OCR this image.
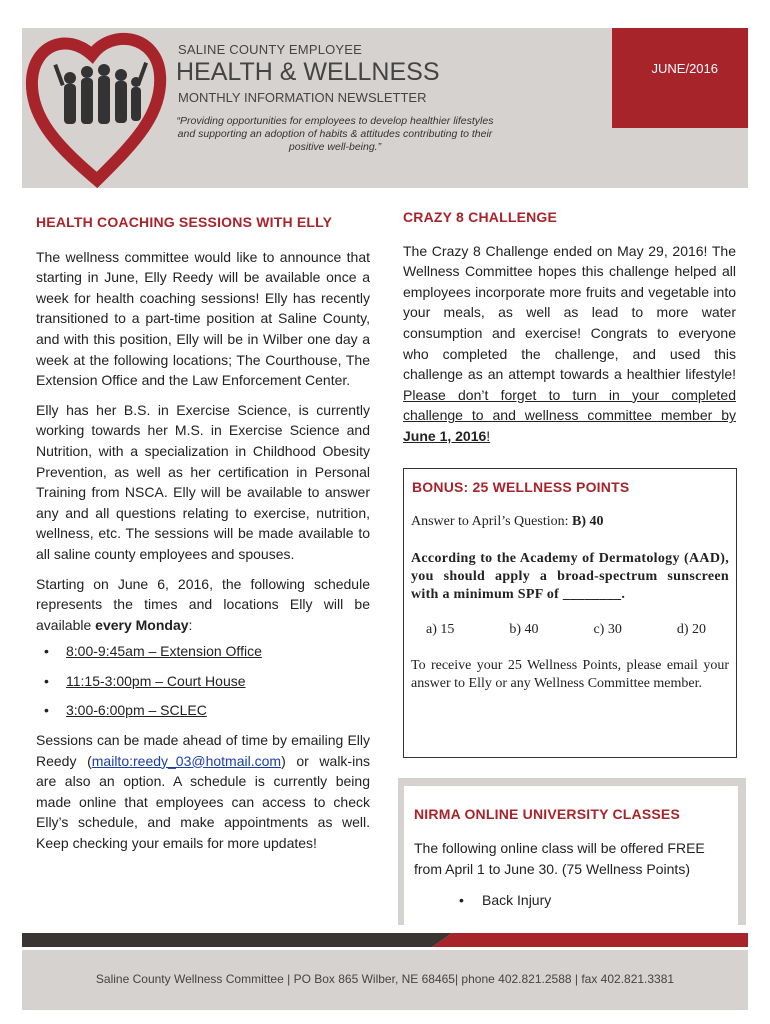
JUNE/2016
SALINE COUNTY EMPLOYEE
HEALTH & WELLNESS
MONTHLY INFORMATION NEWSLETTER
“Providing opportunities for employees to develop healthier lifestyles and supporting an adoption of habits & attitudes contributing to their positive well-being.”
HEALTH COACHING SESSIONS WITH ELLY

The wellness committee would like to announce that starting in June, Elly Reedy will be available once a week for health coaching sessions! Elly has recently transitioned to a part-time position at Saline County, and with this position, Elly will be in Wilber one day a week at the following locations; The Courthouse, The Extension Office and the Law Enforcement Center.

Elly has her B.S. in Exercise Science, is currently working towards her M.S. in Exercise Science and Nutrition, with a specialization in Childhood Obesity Prevention, as well as her certification in Personal Training from NSCA. Elly will be available to answer any and all questions relating to exercise, nutrition, wellness, etc. The sessions will be made available to all saline county employees and spouses.

Starting on June 6, 2016, the following schedule represents the times and locations Elly will be available every Monday:

• 8:00-9:45am – Extension Office
• 11:15-3:00pm – Court House
• 3:00-6:00pm – SCLEC

Sessions can be made ahead of time by emailing Elly Reedy (mailto:reedy_03@hotmail.com) or walk-ins are also an option. A schedule is currently being made online that employees can access to check Elly’s schedule, and make appointments as well. Keep checking your emails for more updates!

CRAZY 8 CHALLENGE

The Crazy 8 Challenge ended on May 29, 2016! The Wellness Committee hopes this challenge helped all employees incorporate more fruits and vegetable into your meals, as well as lead to more water consumption and exercise! Congrats to everyone who completed the challenge, and used this challenge as an attempt towards a healthier lifestyle! Please don’t forget to turn in your completed challenge to and wellness committee member by June 1, 2016!

BONUS: 25 WELLNESS POINTS
Answer to April’s Question: B) 40
According to the Academy of Dermatology (AAD), you should apply a broad-spectrum sunscreen with a minimum SPF of ________.
a) 15	b) 40	c) 30	d) 20
To receive your 25 Wellness Points, please email your answer to Elly or any Wellness Committee member.
NIRMA ONLINE UNIVERSITY CLASSES
The following online class will be offered FREE from April 1 to June 30. (75 Wellness Points)
• Back Injury
Saline County Wellness Committee | PO Box 865 Wilber, NE 68465| phone 402.821.2588 | fax 402.821.3381
